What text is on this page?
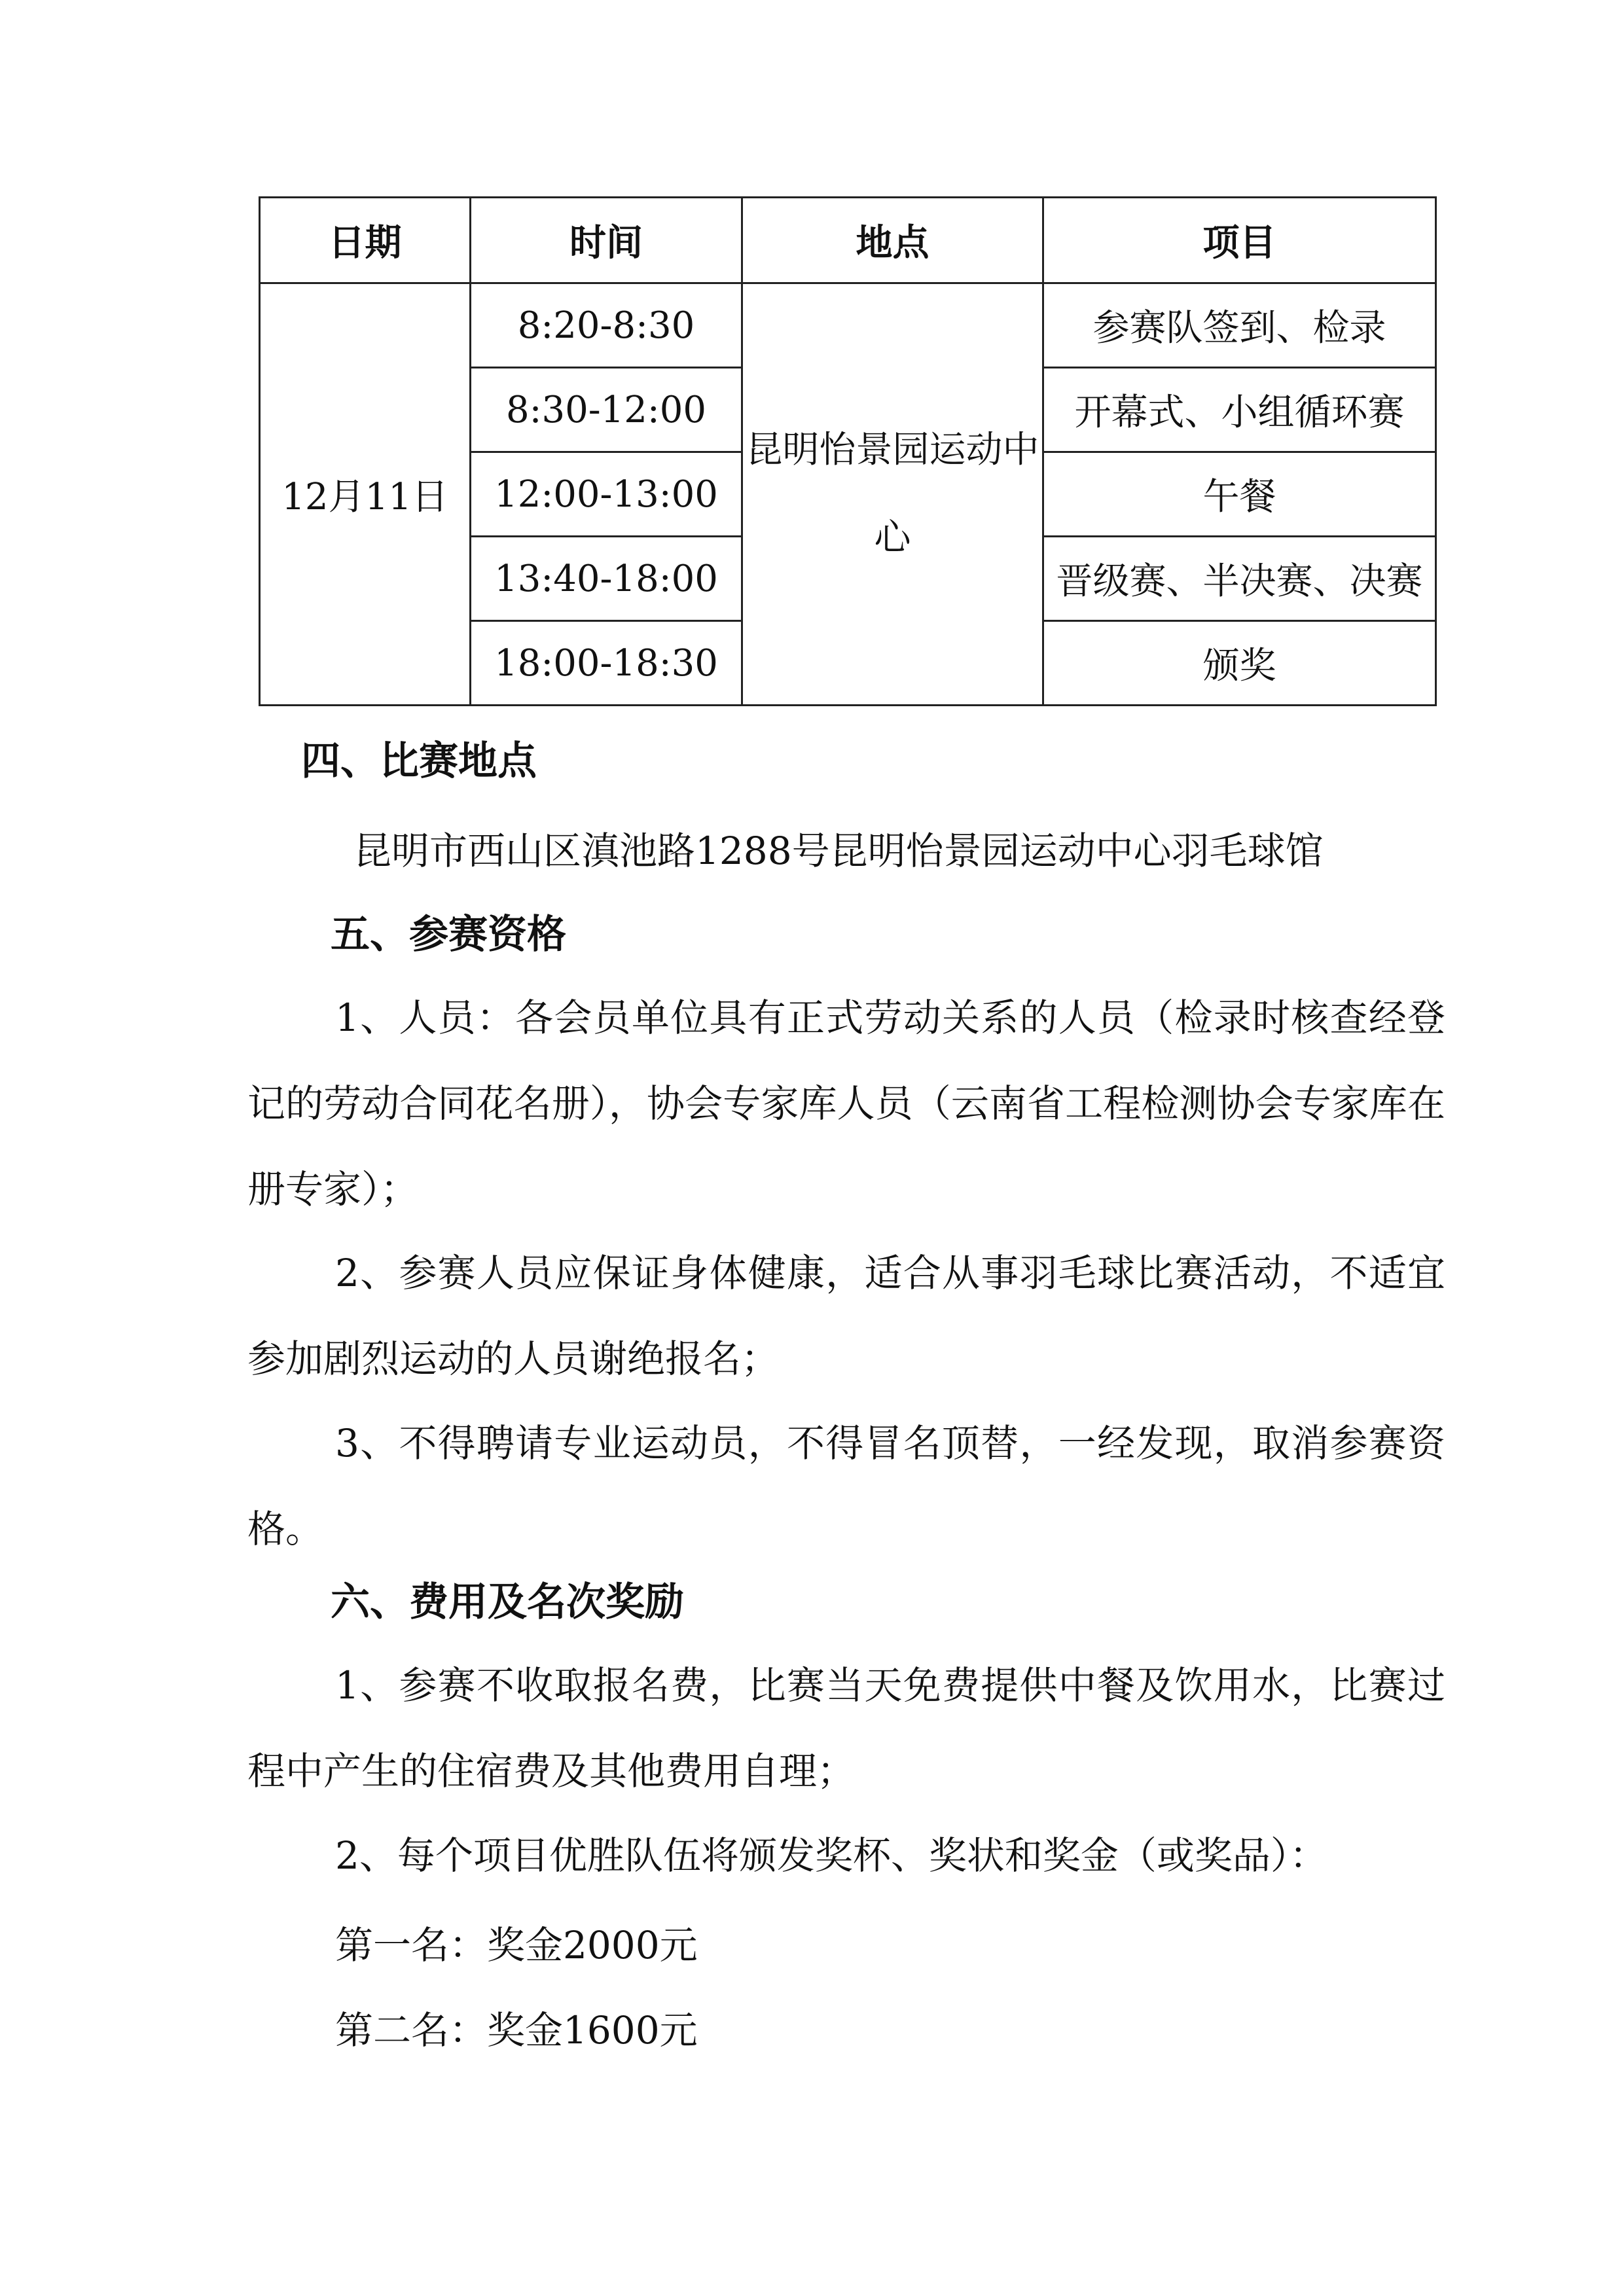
日期	时间	地点	项目
12月11日	8:20-8:30	昆明怡景园运动中心	参赛队签到、检录
	8:30-12:00		开幕式、小组循环赛
	12:00-13:00		午餐
	13:40-18:00		晋级赛、半决赛、决赛
	18:00-18:30		颁奖
四、比赛地点
昆明市西山区滇池路1288号昆明怡景园运动中心羽毛球馆
五、参赛资格
1、人员：各会员单位具有正式劳动关系的人员（检录时核查经登记的劳动合同花名册），协会专家库人员（云南省工程检测协会专家库在册专家）；
2、参赛人员应保证身体健康，适合从事羽毛球比赛活动，不适宜参加剧烈运动的人员谢绝报名；
3、不得聘请专业运动员，不得冒名顶替，一经发现，取消参赛资格。
六、费用及名次奖励
1、参赛不收取报名费，比赛当天免费提供中餐及饮用水，比赛过程中产生的住宿费及其他费用自理；
2、每个项目优胜队伍将颁发奖杯、奖状和奖金（或奖品）：
第一名：奖金2000元
第二名：奖金1600元
